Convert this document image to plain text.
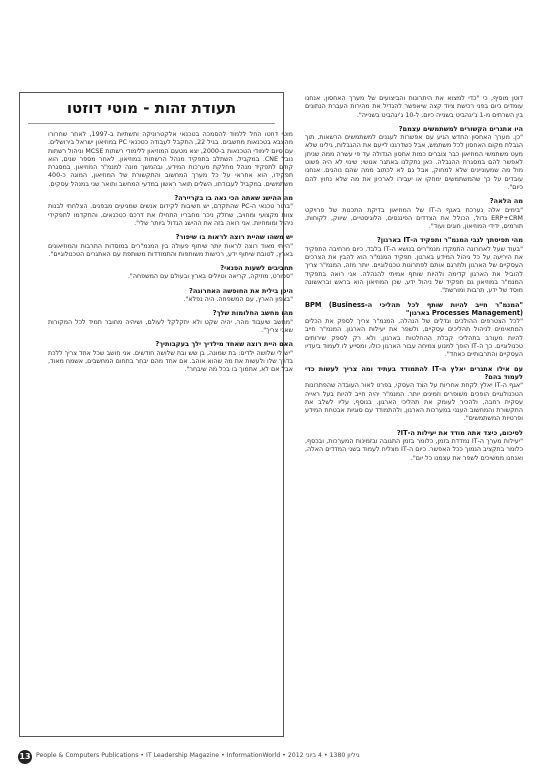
דוטן מוסיף, כי "כדי למצוא את היתרונות והביצועים של מערך האחסון, אנחנו עומדים כיום בפני רכישת ציוד קצה שיאפשר להגדיל את מהירות העברת הנתונים בין השרתים מ-1 ג'יגהביט בשנייה כיום, ל-10 ג'יגהביט בשנייה".

היו אתגרים הקשורים למשתמשים עצמם?

"כן. מערך האחסון החדש הגיע עם אפשרות לעגנים למשתמשים הרשאות, תוך הגבלת מקום האחסון לכל משתמש, אבל כשדרגנו לייעם את ההגבלות, גילינו שלא מעט משתמשי המוזיאון כבר צוברים כמות אחסון הגדולה עד פי עשרה ממה שניתן לאפשר להם במסגרת ההגבלה. כאן נתקלנו באתגר אנושי: שינוי לא היה פשוט מול מה שמעוניינים שלא למחוק, אבל גם לא לכתוב ממה שהם נוהגים. אנחנו עובדים על כך שהמשתמשים ימחקו או יעבירו לארכיון את מה שלא נחוץ להם כיום".

מה הלאה?

"בימים אלה נערכת באגף ה-IT של המוזיאון בדיקת התכנות של פרויקט ERP+CRM גדול, הכולל את הצדדים הפיננסים, הלוגיסטיים, שיווק, לקוחות, תורמים, ידידי המוזיאון, חוגים ועוד".

מהי תפיסתך לגבי המנמ"ר ותפקיד ה-IT בארגון?

"בעוד שעל לאחרונה התמקדו מנמ"רים בנושא ה-IT בלבד, כיום מרחיבה התפקיד את היריעה על כל ניהול המידע בארגון. תפקיד המנמ"ר הוא להבין את הצרכים העסקיים של הארגון ולתרגם אותם לפתרונות טכנולוגיים. יותר מזה, המנמ"ר צריך להוביל את הארגון קדימה ולהיות שותף אמיתי להנהלה. אני רואה בתפקיד המנמ"ר במוזיאון גם תפקיד של ניהול ידע, שכן המוזיאון הוא בראש ובראשונה מוסד של ידע, תרבות ומורשת".

"המנמ"ר חייב להיות שותף לכל תהליכי ה-BPM (Business Processes Management) בארגון"

"לכל הצטרפים ההולכים וגדלים של הנהלה, המנמ"ר צריך לספק את הכלים המתאימים לניהול תהליכים עסקיים, ולשפר את יעילות הארגון. המנמ"ר חייב להיות מעורב בתהליכי קבלת ההחלטות בארגון, ולא רק לספק שירותים טכנולוגיים. כך ה-IT הופך למנוע צמיחה עבור הארגון כולו, ומסייע לו לעמוד ביעדיו העסקיים והתרבותיים כאחד".

עם אילו אתגרים יאלץ ה-IT להתמודד בעתיד ומה צריך לעשות כדי לעמוד בהם?

"אגף ה-IT יאלץ לקחת אחריות על הצד העסקי, בפרט לאור העובדה שהפתרונות הטכנולוגיים הופכים משופרים וזמינים יותר. המנמ"ר יהיה חייב להיות בעל ראייה עסקית רחבה, ולהכיר לעומק את תהליכי הארגון. בנוסף, עליו לשלב את התקשורת והמחשוב הענני במערכות הארגון, ולהתמודד עם סוגיות אבטחת המידע ופרטיות המשתמשים".

לסיכום, כיצד אתה מודד את יעילות ה-IT?

"יעילות מערך ה-IT נמדדת בזמן, כלומר בזמן התגובה ובזמינות המערכות, ובכסף, כלומר בתקציב הנמוך ככל האפשר. כיום ה-IT מצליח לעמוד בשני המדדים האלה, ואנחנו ממשיכים לשפר את עצמנו כל יום".

תעודת זהות - מוטי דוזטו

מוטי דוזטו החל ללמוד להסמכה בטכנאי אלקטרוניקה ותשתיות ב-1997, לאחר שחרורו מהצבא בטכנאות מחשבים. בגיל 22, התקבל לעבודה כטכנאי PC במוזיאון ישראל בירושלים. עם סיום לימודי הטכנאות ב-2000, יצא מטעם המוזיאון ללימודי רשתות MCSE וניהול רשתות נובל CNE. במקביל, השתלב בתפקיד מנהל הרשתות במוזיאון. לאחר מספר שנים, הוא קודם לתפקיד מנהל מחלקת מערכות המידע, ובהמשך מונה למנמ"ר המוזיאון. במסגרת תפקידו, הוא אחראי על כל מערך המחשוב והתקשורת של המוזיאון, המונה כ-400 משתמשים. במקביל לעבודתו, השלים תואר ראשון במדעי המחשב ותואר שני במנהל עסקים.

מה ההישג שאתה הכי גאה בו בקריירה?

"בתור טכנאי ה-PC שהתקדם, יש חשיבות לקידום אנשים שמגיעים מבפנים. הצלחתי לבנות צוות מקצועי ומחויב, שחלק ניכר מחבריו התחילו את דרכם כטכנאים, והתקדמו לתפקידי ניהול ומומחיות. אני רואה בזה את ההישג הגדול ביותר שלי".

יש משהו שהיית רוצה לראות בו שיפור?

"הייתי מאוד רוצה לראות יותר שיתוף פעולה בין המנמ"רים במוסדות התרבות והמוזיאונים בארץ, לטובת שיתוף ידע, רכישות משותפות והתמודדות משותפת עם האתגרים הטכנולוגיים".

תחביבים לשעות הפנאי?

"ספורט, מוזיקה, קריאה וטיולים בארץ ובעולם עם המשפחה".

היכן בילית את החופשה האחרונה?

"בצפון הארץ, עם המשפחה. היה נפלא".

מהו מחשב החלומות שלך?

"מחשב שיעבוד מהר, יהיה שקט ולא יתקלקל לעולם, ושיהיה מחובר תמיד לכל המקורות שאני צריך".

האם היית רוצה שאחד מילדיך ילך בעקבותיך?

"יש לי שלושה ילדים: בת שמונה, בן שש ובת שלושה חודשים. אני חושב שכל אחד צריך ללכת בדרך שלו ולעשות את מה שהוא אוהב. אם אחד מהם יבחר בתחום המחשבים, אשמח מאוד, אבל אם לא, אתמוך בו בכל מה שיבחר".

13 People & Computers Publications • IT Leadership Magazine • InformationWorld • גיליון 1380 • 4 ביוני 2012
